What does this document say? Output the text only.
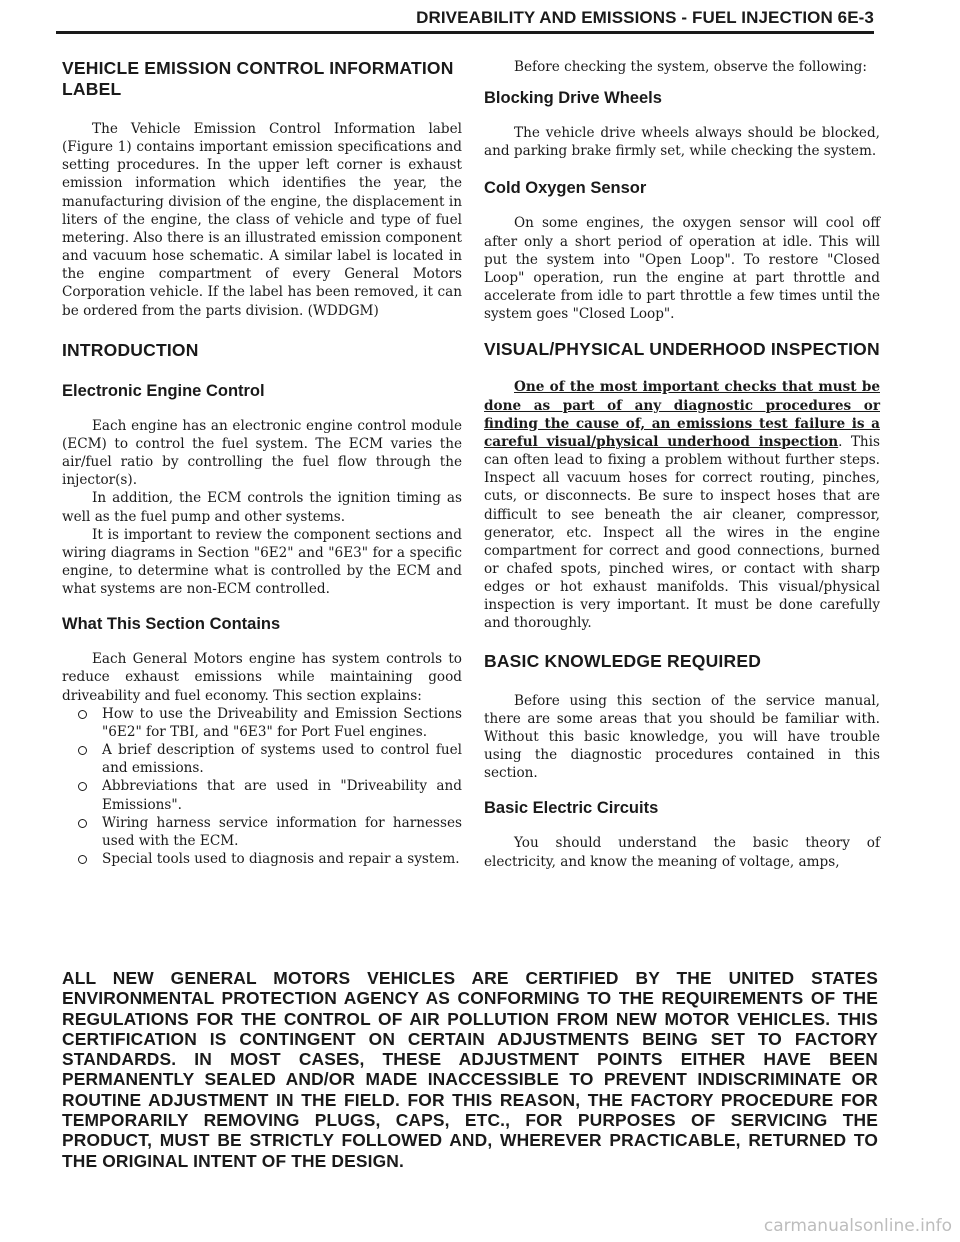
DRIVEABILITY AND EMISSIONS - FUEL INJECTION 6E-3
VEHICLE EMISSION CONTROL INFORMATION LABEL

The Vehicle Emission Control Information label (Figure 1) contains important emission specifications and setting procedures. In the upper left corner is exhaust emission information which identifies the year, the manufacturing division of the engine, the displacement in liters of the engine, the class of vehicle and type of fuel metering. Also there is an illustrated emission component and vacuum hose schematic. A similar label is located in the engine compartment of every General Motors Corporation vehicle. If the label has been removed, it can be ordered from the parts division. (WDDGM)

INTRODUCTION
Electronic Engine Control

Each engine has an electronic engine control module (ECM) to control the fuel system. The ECM varies the air/fuel ratio by controlling the fuel flow through the injector(s).

In addition, the ECM controls the ignition timing as well as the fuel pump and other systems.

It is important to review the component sections and wiring diagrams in Section "6E2" and "6E3" for a specific engine, to determine what is controlled by the ECM and what systems are non-ECM controlled.

What This Section Contains

Each General Motors engine has system controls to reduce exhaust emissions while maintaining good driveability and fuel economy. This section explains:

How to use the Driveability and Emission Sections "6E2" for TBI, and "6E3" for Port Fuel engines.
A brief description of systems used to control fuel and emissions.
Abbreviations that are used in "Driveability and Emissions".
Wiring harness service information for harnesses used with the ECM.
Special tools used to diagnosis and repair a system.

Before checking the system, observe the following:

Blocking Drive Wheels

The vehicle drive wheels always should be blocked, and parking brake firmly set, while checking the system.

Cold Oxygen Sensor

On some engines, the oxygen sensor will cool off after only a short period of operation at idle. This will put the system into "Open Loop". To restore "Closed Loop" operation, run the engine at part throttle and accelerate from idle to part throttle a few times until the system goes "Closed Loop".

VISUAL/PHYSICAL UNDERHOOD INSPECTION

One of the most important checks that must be done as part of any diagnostic procedures or finding the cause of, an emissions test failure is a careful visual/physical underhood inspection. This can often lead to fixing a problem without further steps. Inspect all vacuum hoses for correct routing, pinches, cuts, or disconnects. Be sure to inspect hoses that are difficult to see beneath the air cleaner, compressor, generator, etc. Inspect all the wires in the engine compartment for correct and good connections, burned or chafed spots, pinched wires, or contact with sharp edges or hot exhaust manifolds. This visual/physical inspection is very important. It must be done carefully and thoroughly.

BASIC KNOWLEDGE REQUIRED

Before using this section of the service manual, there are some areas that you should be familiar with. Without this basic knowledge, you will have trouble using the diagnostic procedures contained in this section.

Basic Electric Circuits

You should understand the basic theory of electricity, and know the meaning of voltage, amps,

ALL NEW GENERAL MOTORS VEHICLES ARE CERTIFIED BY THE UNITED STATES ENVIRONMENTAL PROTECTION AGENCY AS CONFORMING TO THE REQUIREMENTS OF THE REGULATIONS FOR THE CONTROL OF AIR POLLUTION FROM NEW MOTOR VEHICLES. THIS CERTIFICATION IS CONTINGENT ON CERTAIN ADJUSTMENTS BEING SET TO FACTORY STANDARDS. IN MOST CASES, THESE ADJUSTMENT POINTS EITHER HAVE BEEN PERMANENTLY SEALED AND/OR MADE INACCESSIBLE TO PREVENT INDISCRIMINATE OR ROUTINE ADJUSTMENT IN THE FIELD. FOR THIS REASON, THE FACTORY PROCEDURE FOR TEMPORARILY REMOVING PLUGS, CAPS, ETC., FOR PURPOSES OF SERVICING THE PRODUCT, MUST BE STRICTLY FOLLOWED AND, WHEREVER PRACTICABLE, RETURNED TO THE ORIGINAL INTENT OF THE DESIGN.
carmanualsonline.info
